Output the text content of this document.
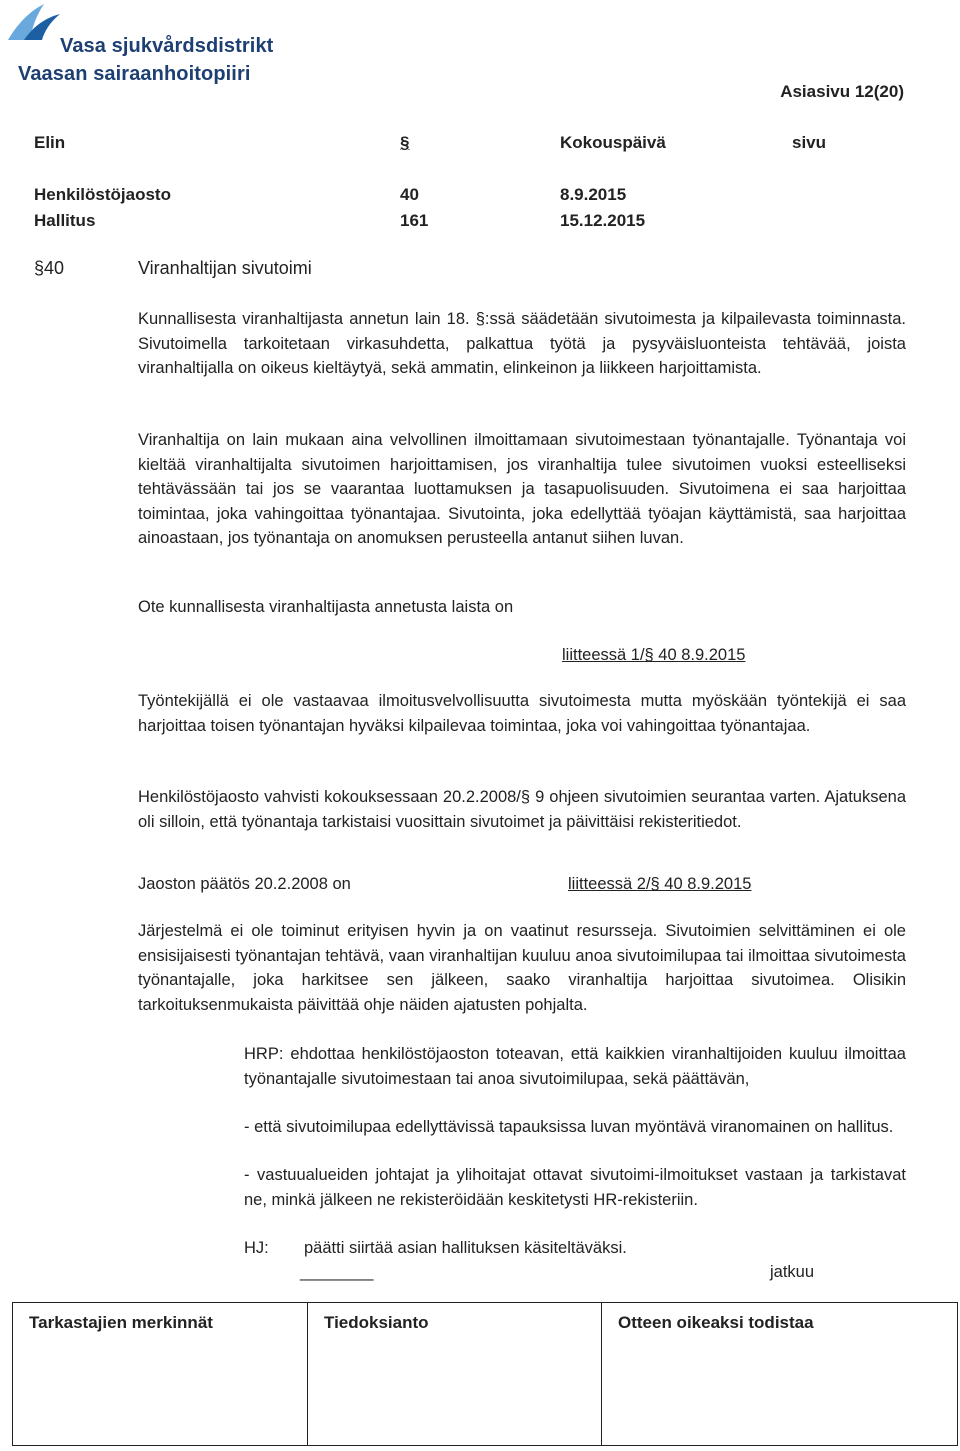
Vasa sjukvårdsdistrikt
Vaasan sairaanhoitopiiri
Asiasivu 12(20)
Elin	§	Kokouspäivä	sivu
Henkilöstöjaosto	40	8.9.2015
Hallitus	161	15.12.2015
§40	Viranhaltijan sivutoimi
Kunnallisesta viranhaltijasta annetun lain 18. §:ssä säädetään sivutoimesta ja kilpailevasta toiminnasta. Sivutoimella tarkoitetaan virkasuhdetta, palkattua työtä ja pysyväisluonteista tehtävää, joista viranhaltijalla on oikeus kieltäytyä, sekä ammatin, elinkeinon ja liikkeen harjoittamista.
Viranhaltija on lain mukaan aina velvollinen ilmoittamaan sivutoimestaan työnantajalle. Työnantaja voi kieltää viranhaltijalta sivutoimen harjoittamisen, jos viranhaltija tulee sivutoimen vuoksi esteelliseksi tehtävässään tai jos se vaarantaa luottamuksen ja tasapuolisuuden. Sivutoimena ei saa harjoittaa toimintaa, joka vahingoittaa työnantajaa. Sivutointa, joka edellyttää työajan käyttämistä, saa harjoittaa ainoastaan, jos työnantaja on anomuksen perusteella antanut siihen luvan.
Ote kunnallisesta viranhaltijasta annetusta laista on
liitteessä 1/§ 40 8.9.2015
Työntekijällä ei ole vastaavaa ilmoitusvelvollisuutta sivutoimesta mutta myöskään työntekijä ei saa harjoittaa toisen työnantajan hyväksi kilpailevaa toimintaa, joka voi vahingoittaa työnantajaa.
Henkilöstöjaosto vahvisti kokouksessaan 20.2.2008/§ 9 ohjeen sivutoimien seurantaa varten. Ajatuksena oli silloin, että työnantaja tarkistaisi vuosittain sivutoimet ja päivittäisi rekisteritiedot.
Jaoston päätös 20.2.2008 on	liitteessä 2/§ 40 8.9.2015
Järjestelmä ei ole toiminut erityisen hyvin ja on vaatinut resursseja. Sivutoimien selvittäminen ei ole ensisijaisesti työnantajan tehtävä, vaan viranhaltijan kuuluu anoa sivutoimilupaa tai ilmoittaa sivutoimesta työnantajalle, joka harkitsee sen jälkeen, saako viranhaltija harjoittaa sivutoimea. Olisikin tarkoituksenmukaista päivittää ohje näiden ajatusten pohjalta.
HRP: ehdottaa henkilöstöjaoston toteavan, että kaikkien viranhaltijoiden kuuluu ilmoittaa työnantajalle sivutoimestaan tai anoa sivutoimilupaa, sekä päättävän,
- että sivutoimilupaa edellyttävissä tapauksissa luvan myöntävä viranomainen on hallitus.
- vastuualueiden johtajat ja ylihoitajat ottavat sivutoimi-ilmoitukset vastaan ja tarkistavat ne, minkä jälkeen ne rekisteröidään keskitetysti HR-rekisteriin.
HJ: päätti siirtää asian hallituksen käsiteltäväksi.
________	jatkuu
Tarkastajien merkinnät	Tiedoksianto	Otteen oikeaksi todistaa
